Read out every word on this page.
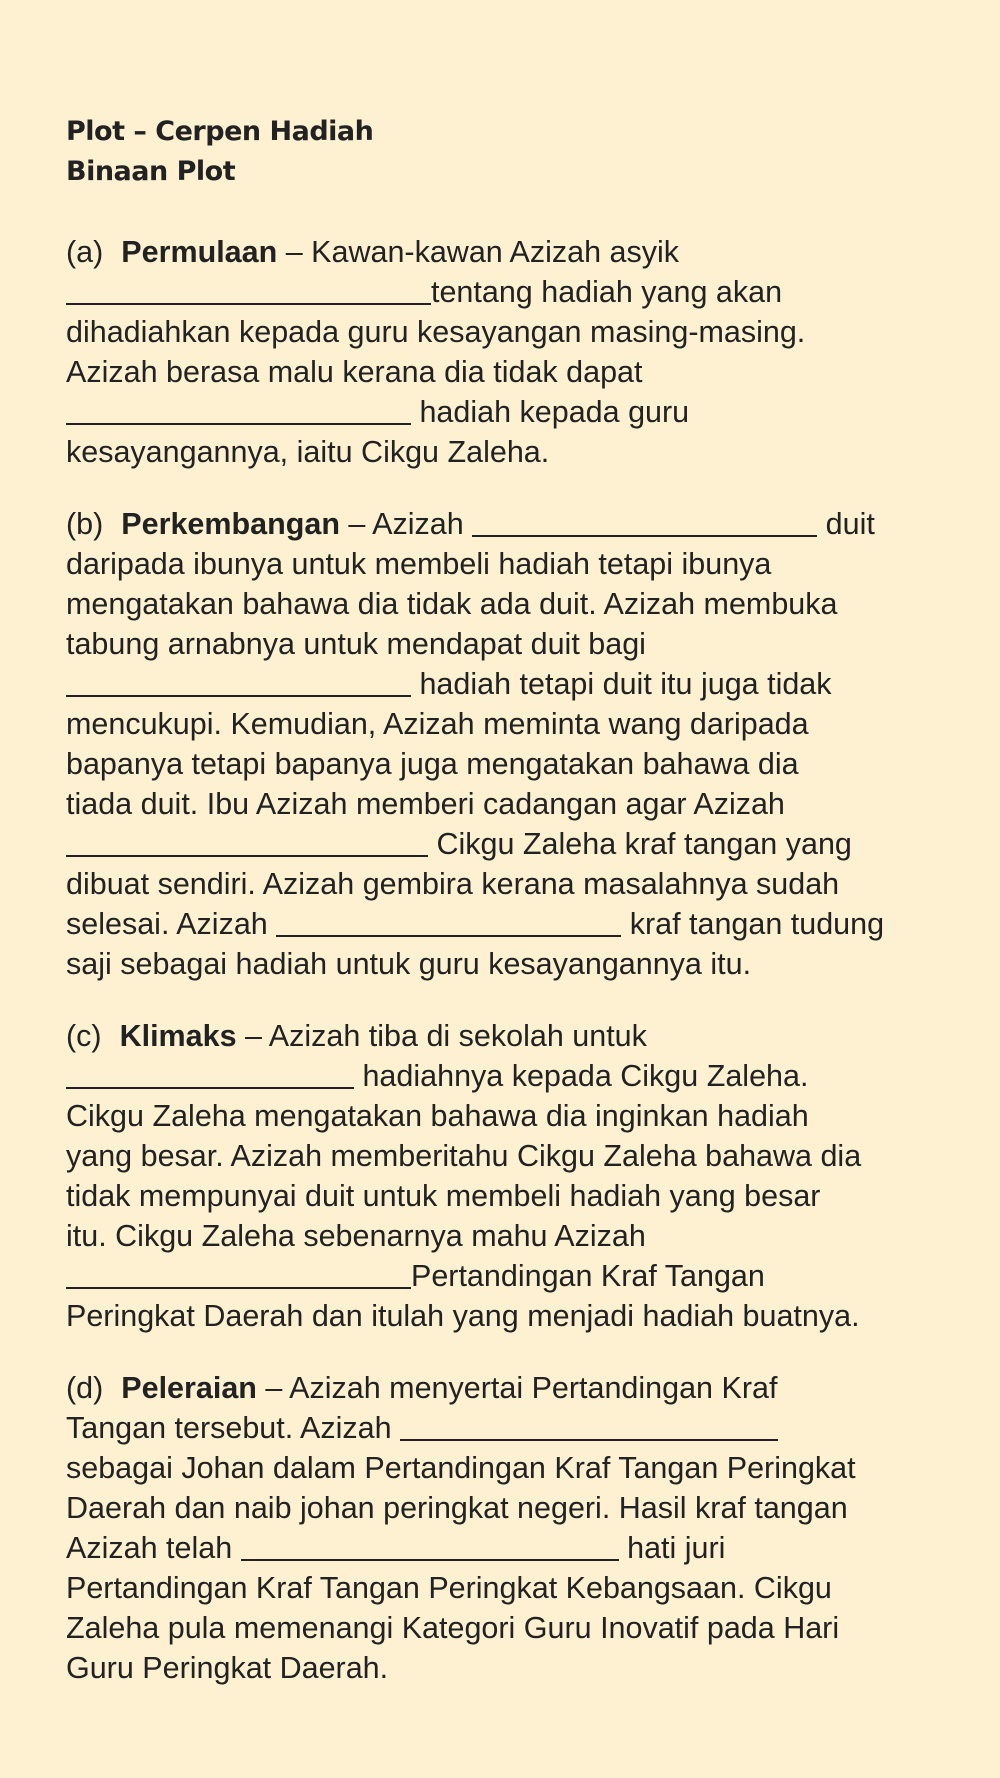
Plot – Cerpen Hadiah
Binaan Plot
(a) Permulaan – Kawan-kawan Azizah asyik
tentang hadiah yang akan
dihadiahkan kepada guru kesayangan masing-masing.
Azizah berasa malu kerana dia tidak dapat
hadiah kepada guru
kesayangannya, iaitu Cikgu Zaleha.
(b) Perkembangan – Azizah	duit
daripada ibunya untuk membeli hadiah tetapi ibunya
mengatakan bahawa dia tidak ada duit. Azizah membuka
tabung arnabnya untuk mendapat duit bagi
hadiah tetapi duit itu juga tidak
mencukupi. Kemudian, Azizah meminta wang daripada
bapanya tetapi bapanya juga mengatakan bahawa dia
tiada duit. Ibu Azizah memberi cadangan agar Azizah
Cikgu Zaleha kraf tangan yang
dibuat sendiri. Azizah gembira kerana masalahnya sudah
selesai. Azizah	kraf tangan tudung
saji sebagai hadiah untuk guru kesayangannya itu.
(c) Klimaks – Azizah tiba di sekolah untuk
hadiahnya kepada Cikgu Zaleha.
Cikgu Zaleha mengatakan bahawa dia inginkan hadiah
yang besar. Azizah memberitahu Cikgu Zaleha bahawa dia
tidak mempunyai duit untuk membeli hadiah yang besar
itu. Cikgu Zaleha sebenarnya mahu Azizah
Pertandingan Kraf Tangan
Peringkat Daerah dan itulah yang menjadi hadiah buatnya.
(d) Peleraian – Azizah menyertai Pertandingan Kraf
Tangan tersebut. Azizah
sebagai Johan dalam Pertandingan Kraf Tangan Peringkat
Daerah dan naib johan peringkat negeri. Hasil kraf tangan
Azizah telah	hati juri
Pertandingan Kraf Tangan Peringkat Kebangsaan. Cikgu
Zaleha pula memenangi Kategori Guru Inovatif pada Hari
Guru Peringkat Daerah.
